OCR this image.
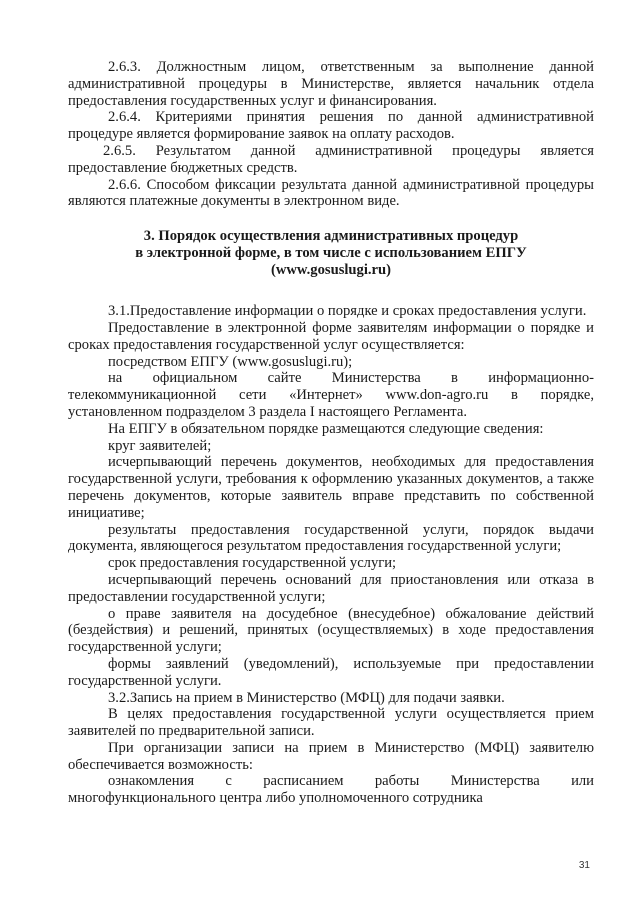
2.6.3. Должностным лицом, ответственным за выполнение данной административной процедуры в Министерстве, является начальник отдела предоставления государственных услуг и финансирования.

2.6.4. Критериями принятия решения по данной административной процедуре является формирование заявок на оплату расходов.

2.6.5. Результатом данной административной процедуры является предоставление бюджетных средств.

2.6.6. Способом фиксации результата данной административной процедуры являются платежные документы в электронном виде.

3. Порядок осуществления административных процедур

в электронной форме, в том числе с использованием ЕПГУ

(www.gosuslugi.ru)

3.1.Предоставление информации о порядке и сроках предоставления услуги.

Предоставление в электронной форме заявителям информации о порядке и сроках предоставления государственной услуг осуществляется:

посредством ЕПГУ (www.gosuslugi.ru);

на официальном сайте Министерства в информационно-телекоммуникационной сети «Интернет» www.don-agro.ru в порядке, установленном подразделом 3 раздела I настоящего Регламента.

На ЕПГУ в обязательном порядке размещаются следующие сведения:

круг заявителей;

исчерпывающий перечень документов, необходимых для предоставления государственной услуги, требования к оформлению указанных документов, а также перечень документов, которые заявитель вправе представить по собственной инициативе;

результаты предоставления государственной услуги, порядок выдачи документа, являющегося результатом предоставления государственной услуги;

срок предоставления государственной услуги;

исчерпывающий перечень оснований для приостановления или отказа в предоставлении государственной услуги;

о праве заявителя на досудебное (внесудебное) обжалование действий (бездействия) и решений, принятых (осуществляемых) в ходе предоставления государственной услуги;

формы заявлений (уведомлений), используемые при предоставлении государственной услуги.

3.2.Запись на прием в Министерство (МФЦ) для подачи заявки.

В целях предоставления государственной услуги осуществляется прием заявителей по предварительной записи.

При организации записи на прием в Министерство (МФЦ) заявителю обеспечивается возможность:

ознакомления с расписанием работы Министерства или многофункционального центра либо уполномоченного сотрудника

31
